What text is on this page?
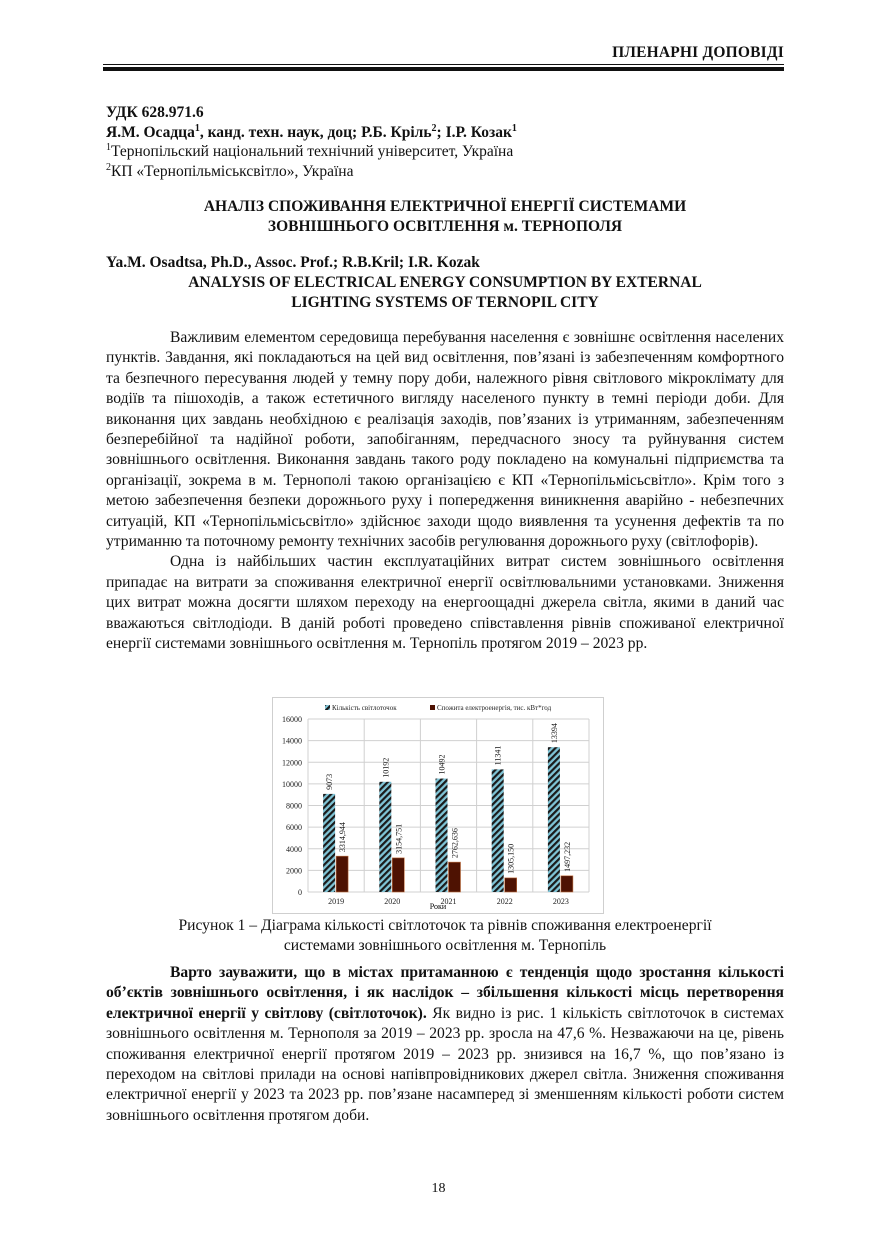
ПЛЕНАРНІ ДОПОВІДІ
УДК 628.971.6
Я.М. Осадца$^1$, канд. техн. наук, доц; Р.Б. Кріль$^2$; І.Р. Козак$^1$
$^1$Тернопільский національний технічний університет, Україна
$^2$КП «Тернопільміськсвітло», Україна
АНАЛІЗ СПОЖИВАННЯ ЕЛЕКТРИЧНОЇ ЕНЕРГІЇ СИСТЕМАМИ
ЗОВНІШНЬОГО ОСВІТЛЕННЯ м. ТЕРНОПОЛЯ
Ya.M. Osadtsa, Ph.D., Assoc. Prof.; R.B.Kril; I.R. Kozak
ANALYSIS OF ELECTRICAL ENERGY CONSUMPTION BY EXTERNAL
LIGHTING SYSTEMS OF TERNOPIL CITY

Важливим елементом середовища перебування населення є зовнішнє освітлення населених пунктів. Завдання, які покладаються на цей вид освітлення, пов’язані із забезпеченням комфортного та безпечного пересування людей у темну пору доби, належного рівня світлового мікроклімату для водіїв та пішоходів, а також естетичного вигляду населеного пункту в темні періоди доби. Для виконання цих завдань необхідною є реалізація заходів, пов’язаних із утриманням, забезпеченням безперебійної та надійної роботи, запобіганням, передчасного зносу та руйнування систем зовнішнього освітлення. Виконання завдань такого роду покладено на комунальні підприємства та організації, зокрема в м. Тернополі такою організацією є КП «Тернопільмісьсвітло». Крім того з метою забезпечення безпеки дорожнього руху і попередження виникнення аварійно - небезпечних ситуацій, КП «Тернопільмісьсвітло» здійснює заходи щодо виявлення та усунення дефектів та по утриманню та поточному ремонту технічних засобів регулювання дорожнього руху (світлофорів).

Одна із найбільших частин експлуатаційних витрат систем зовнішнього освітлення припадає на витрати за споживання електричної енергії освітлювальними установками. Зниження цих витрат можна досягти шляхом переходу на енергоощадні джерела світла, якими в даний час вважаються світлодіоди. В даній роботі проведено співставлення рівнів споживаної електричної енергії системами зовнішнього освітлення м. Тернопіль протягом 2019 – 2023 рр.

0
2000
4000
6000
8000
10000
12000
14000
16000
9073
3314,944
10192
3154,751
10492
2762,636
11341
1305,150
13394
1497,232
2019	2020	2021	2022	2023
Кількість світлоточок	Спожита електроенергія, тис. кВт*год
Роки
Рисунок 1 – Діаграма кількості світлоточок та рівнів споживання електроенергії
системами зовнішнього освітлення м. Тернопіль

Варто зауважити, що в містах притаманною є тенденція щодо зростання кількості об’єктів зовнішнього освітлення, і як наслідок – збільшення кількості місць перетворення електричної енергії у світлову (світлоточок). Як видно із рис. 1 кількість світлоточок в системах зовнішнього освітлення м. Тернополя за 2019 – 2023 рр. зросла на 47,6 %. Незважаючи на це, рівень споживання електричної енергії протягом 2019 – 2023 рр. знизився на 16,7 %, що пов’язано із переходом на світлові прилади на основі напівпровідникових джерел світла. Зниження споживання електричної енергії у 2023 та 2023 рр. пов’язане насамперед зі зменшенням кількості роботи систем зовнішнього освітлення протягом доби.

18
